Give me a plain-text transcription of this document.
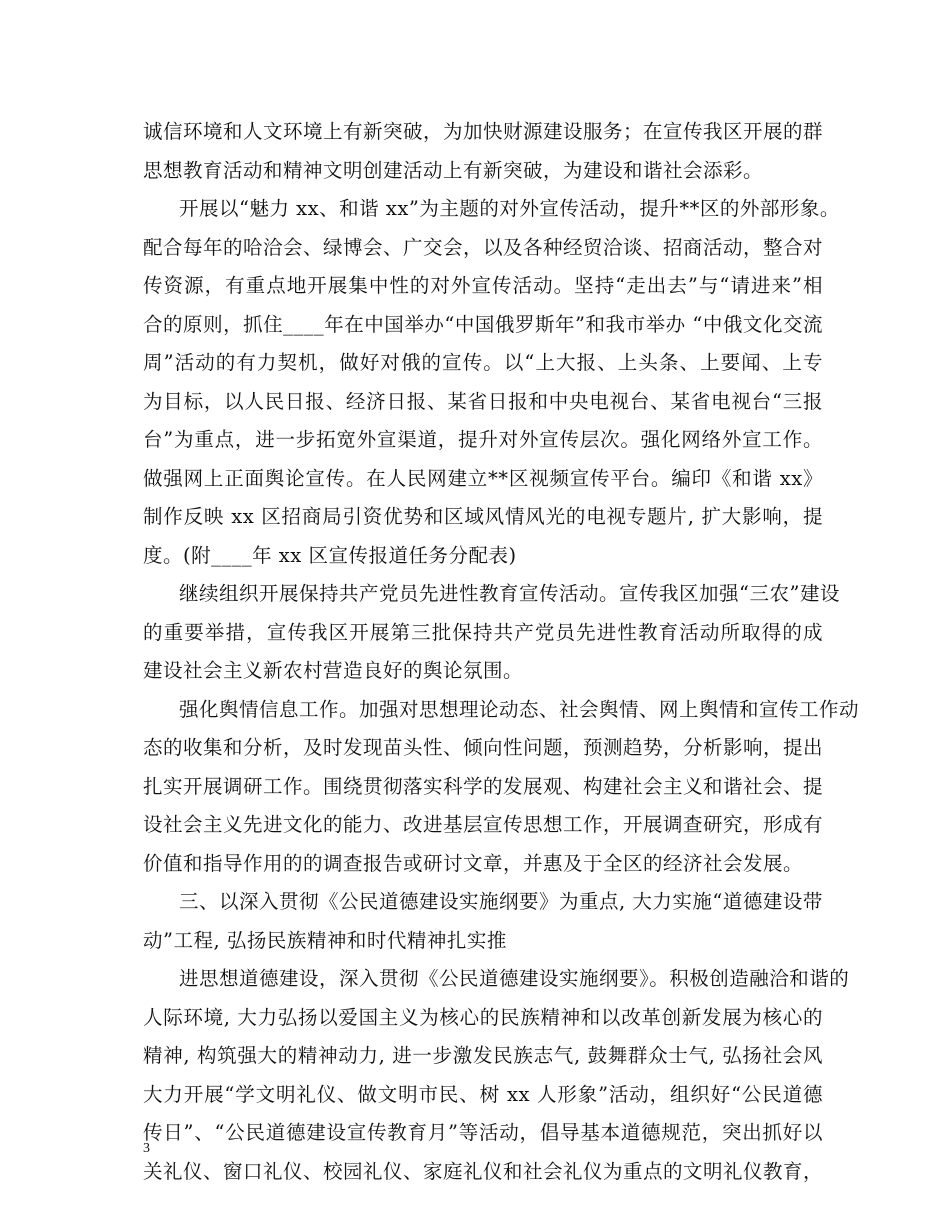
诚信环境和人文环境上有新突破，为加快财源建设服务；在宣传我区开展的群
思想教育活动和精神文明创建活动上有新突破，为建设和谐社会添彩。
开展以“魅力 xx、和谐 xx”为主题的对外宣传活动，提升**区的外部形象。
配合每年的哈洽会、绿博会、广交会，以及各种经贸洽谈、招商活动，整合对
传资源，有重点地开展集中性的对外宣传活动。坚持“走出去”与“请进来”相
合的原则，抓住____年在中国举办“中国俄罗斯年”和我市举办 “中俄文化交流
周”活动的有力契机，做好对俄的宣传。以“上大报、上头条、上要闻、上专
为目标，以人民日报、经济日报、某省日报和中央电视台、某省电视台“三报
台”为重点，进一步拓宽外宣渠道，提升对外宣传层次。强化网络外宣工作。
做强网上正面舆论宣传。在人民网建立**区视频宣传平台。编印《和谐 xx》
制作反映 xx 区招商局引资优势和区域风情风光的电视专题片, 扩大影响，提
度。(附____年 xx 区宣传报道任务分配表)
继续组织开展保持共产党员先进性教育宣传活动。宣传我区加强“三农”建设
的重要举措，宣传我区开展第三批保持共产党员先进性教育活动所取得的成
建设社会主义新农村营造良好的舆论氛围。
强化舆情信息工作。加强对思想理论动态、社会舆情、网上舆情和宣传工作动
态的收集和分析，及时发现苗头性、倾向性问题，预测趋势，分析影响，提出
扎实开展调研工作。围绕贯彻落实科学的发展观、构建社会主义和谐社会、提
设社会主义先进文化的能力、改进基层宣传思想工作，开展调查研究，形成有
价值和指导作用的的调查报告或研讨文章，并惠及于全区的经济社会发展。
三、以深入贯彻《公民道德建设实施纲要》为重点, 大力实施“道德建设带
动”工程, 弘扬民族精神和时代精神扎实推
进思想道德建设，深入贯彻《公民道德建设实施纲要》。积极创造融洽和谐的
人际环境, 大力弘扬以爱国主义为核心的民族精神和以改革创新发展为核心的
精神, 构筑强大的精神动力, 进一步激发民族志气, 鼓舞群众士气, 弘扬社会风
大力开展“学文明礼仪、做文明市民、树 xx 人形象”活动，组织好“公民道德
传日”、“公民道德建设宣传教育月”等活动，倡导基本道德规范，突出抓好以
关礼仪、窗口礼仪、校园礼仪、家庭礼仪和社会礼仪为重点的文明礼仪教育，
3
